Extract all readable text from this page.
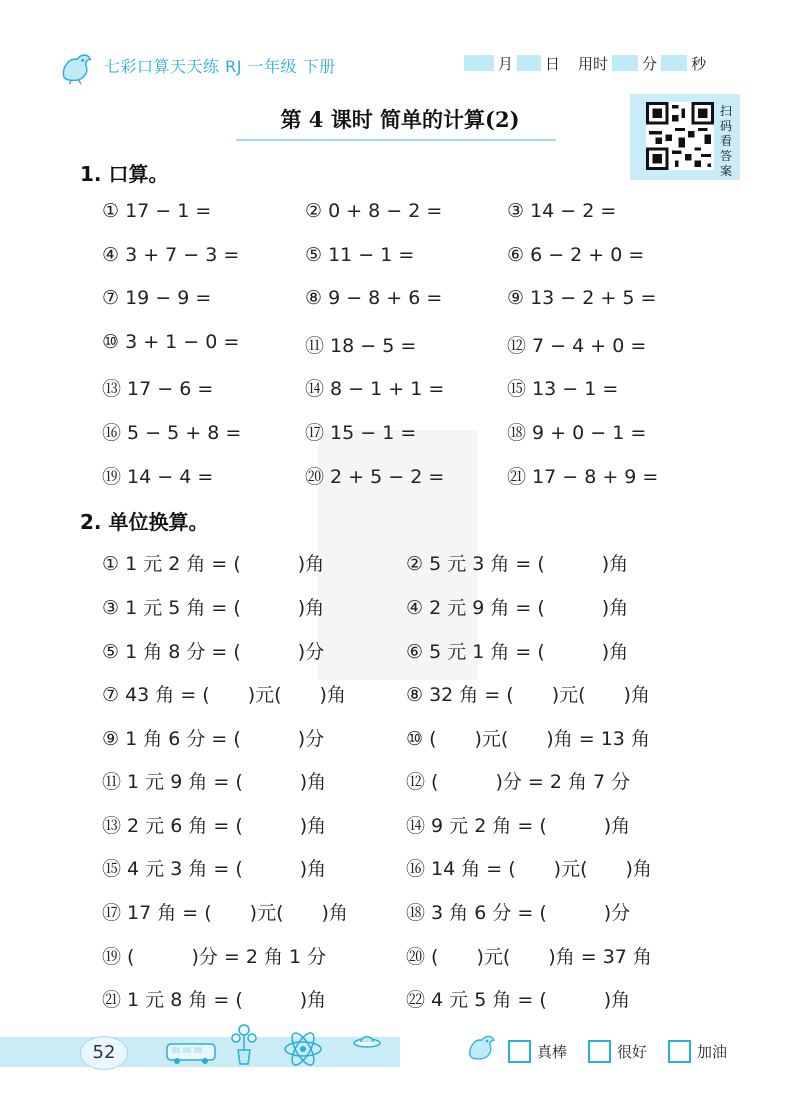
七彩口算天天练 RJ 一年级 下册	月 日 用时 分 秒
第 4 课时 简单的计算(2)	扫
码
看
答
案
1. 口算。
① 17 − 1 =	② 0 + 8 − 2 =	③ 14 − 2 =
④ 3 + 7 − 3 =	⑤ 11 − 1 =	⑥ 6 − 2 + 0 =
⑦ 19 − 9 =	⑧ 9 − 8 + 6 =	⑨ 13 − 2 + 5 =
⑩ 3 + 1 − 0 =	⑪ 18 − 5 =	⑫ 7 − 4 + 0 =
⑬ 17 − 6 =	⑭ 8 − 1 + 1 =	⑮ 13 − 1 =
⑯ 5 − 5 + 8 =	⑰ 15 − 1 =	⑱ 9 + 0 − 1 =
⑲ 14 − 4 =	⑳ 2 + 5 − 2 =	㉑ 17 − 8 + 9 =
2. 单位换算。
① 1 元 2 角 = (　　　)角	② 5 元 3 角 = (　　　)角
③ 1 元 5 角 = (　　　)角	④ 2 元 9 角 = (　　　)角
⑤ 1 角 8 分 = (　　　)分	⑥ 5 元 1 角 = (　　　)角
⑦ 43 角 = (　　)元(　　)角	⑧ 32 角 = (　　)元(　　)角
⑨ 1 角 6 分 = (　　　)分	⑩ (　　)元(　　)角 = 13 角
⑪ 1 元 9 角 = (　　　)角	⑫ (　　　)分 = 2 角 7 分
⑬ 2 元 6 角 = (　　　)角	⑭ 9 元 2 角 = (　　　)角
⑮ 4 元 3 角 = (　　　)角	⑯ 14 角 = (　　)元(　　)角
⑰ 17 角 = (　　)元(　　)角	⑱ 3 角 6 分 = (　　　)分
⑲ (　　　)分 = 2 角 1 分	⑳ (　　)元(　　)角 = 37 角
㉑ 1 元 8 角 = (　　　)角	㉒ 4 元 5 角 = (　　　)角
52	真棒	很好	加油
